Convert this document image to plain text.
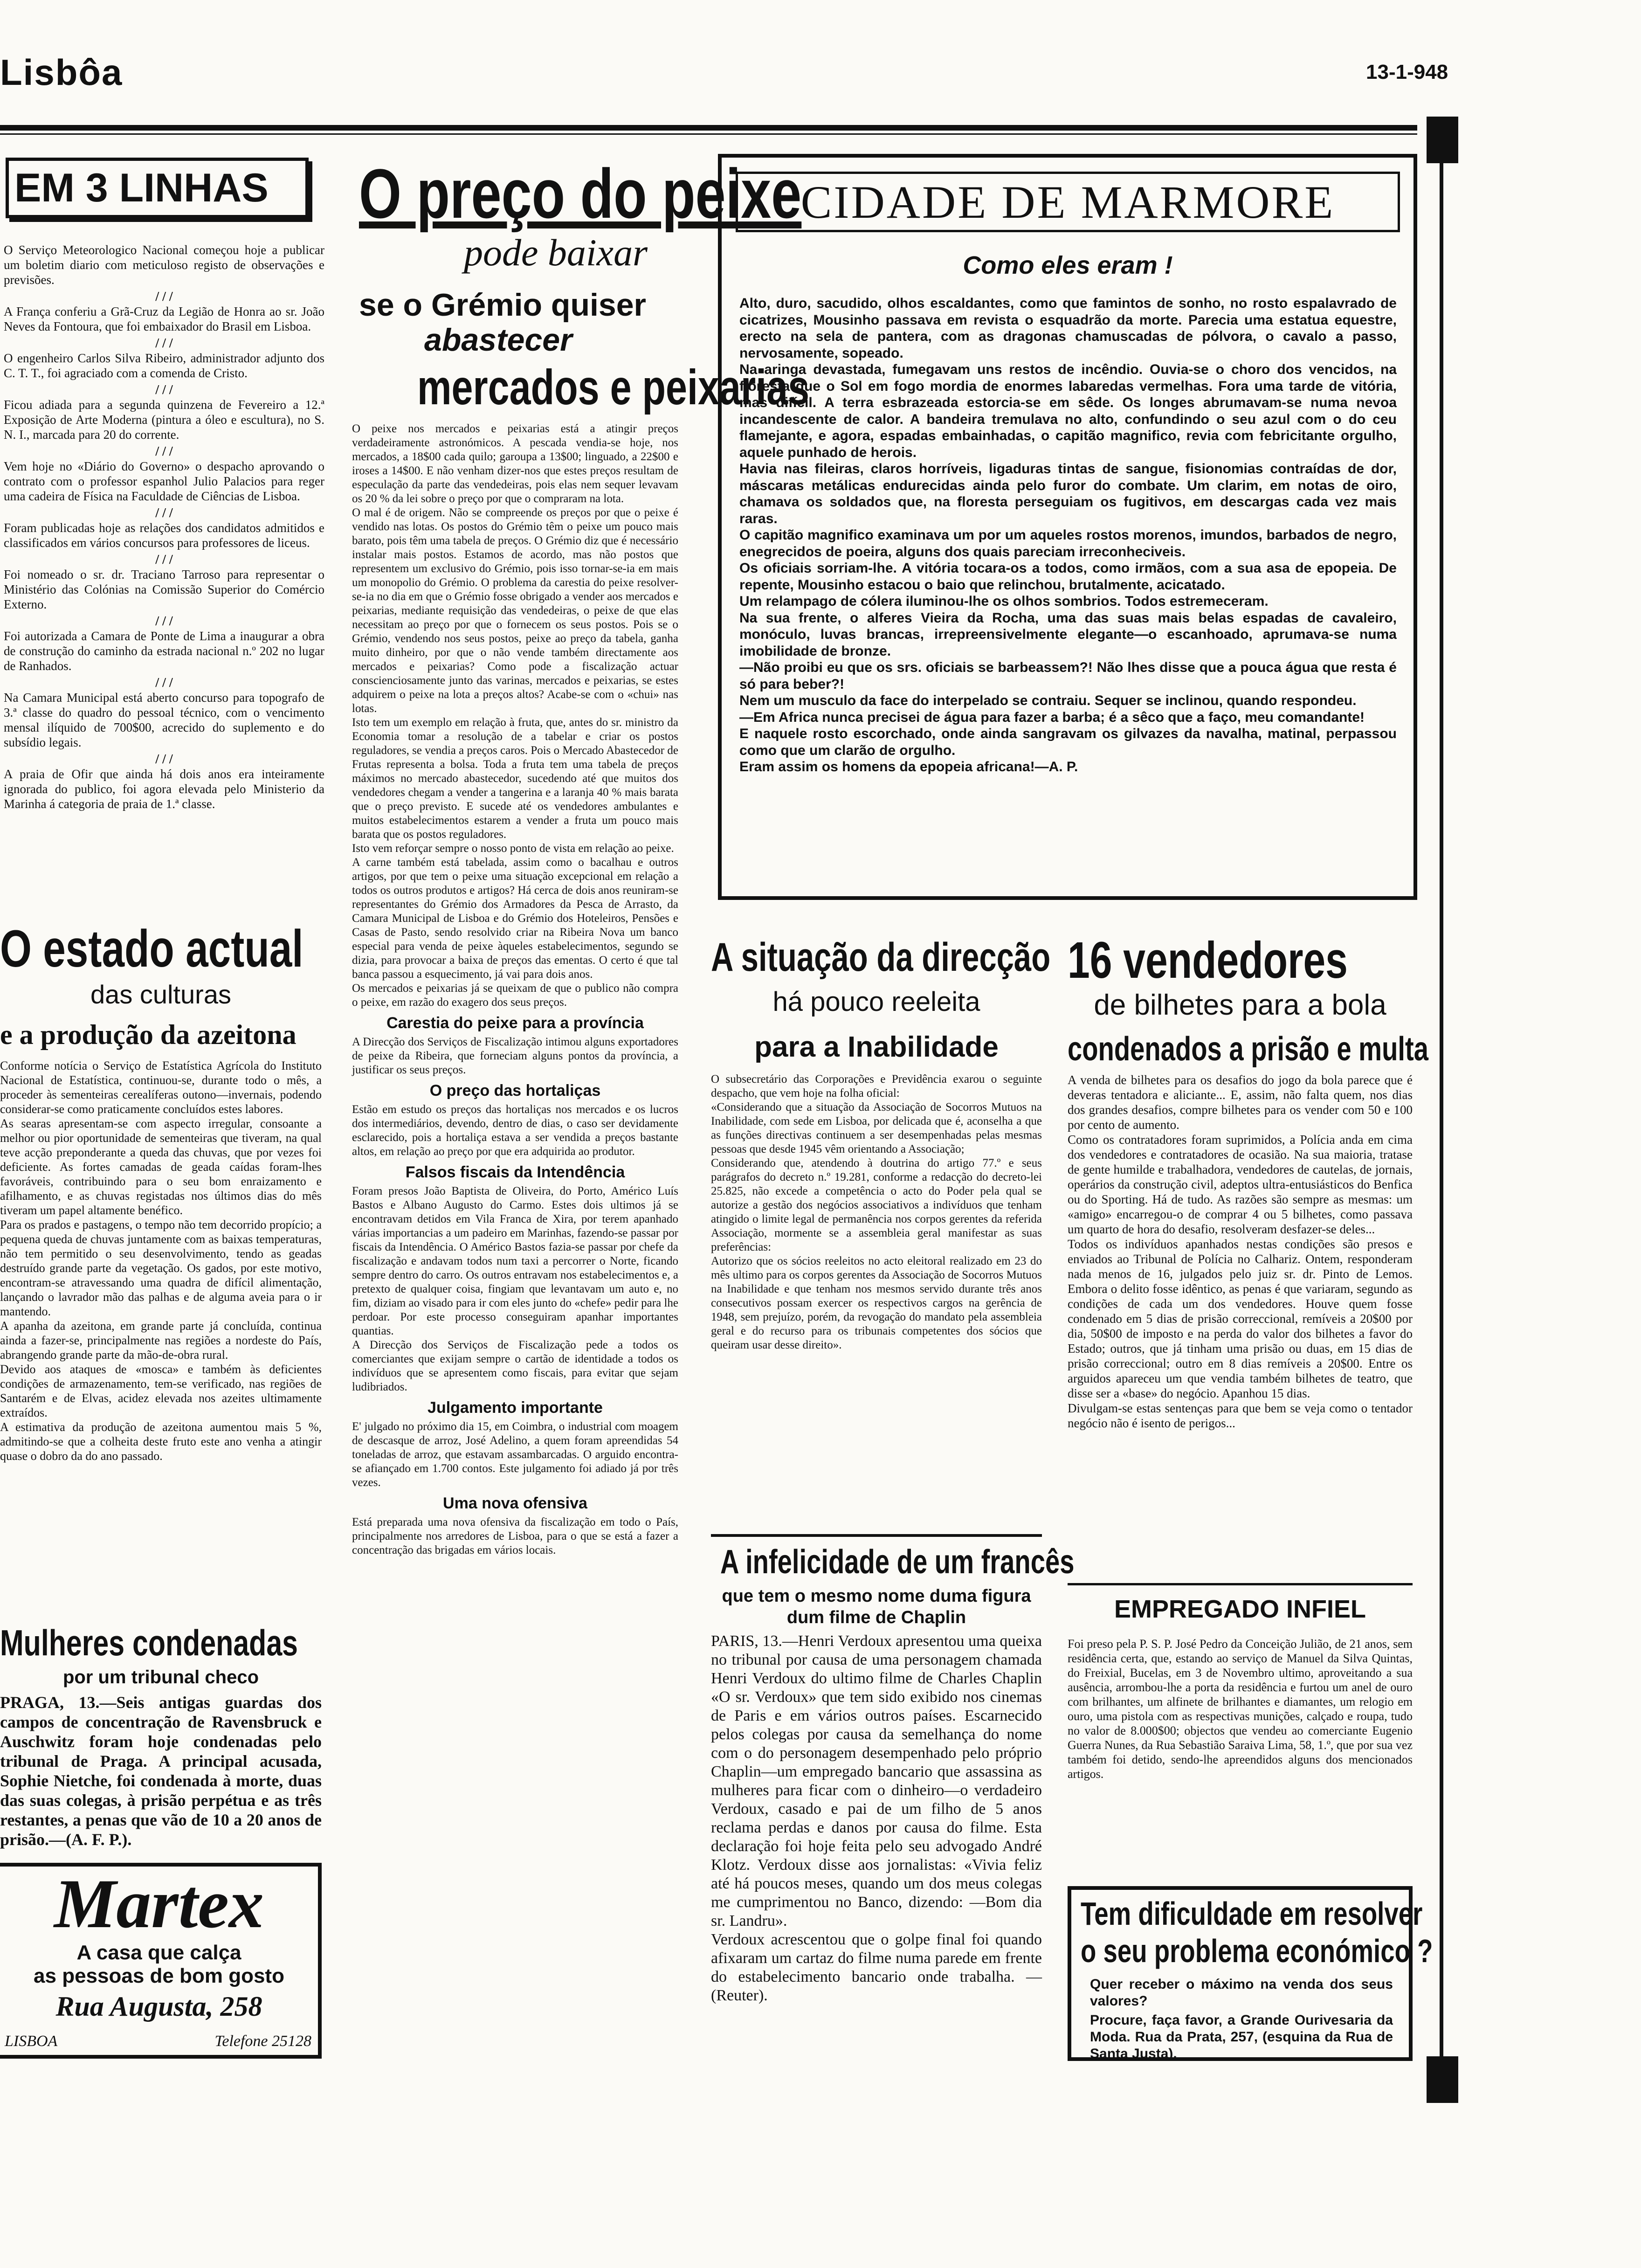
Lisbôa	13-1-948
EM 3 LINHAS

O Serviço Meteorologico Nacional começou hoje a publicar um boletim diario com meticuloso registo de observações e previsões.

/ / /

A França conferiu a Grã-Cruz da Legião de Honra ao sr. João Neves da Fontoura, que foi embaixador do Brasil em Lisboa.

/ / /

O engenheiro Carlos Silva Ribeiro, administrador adjunto dos C. T. T., foi agraciado com a comenda de Cristo.

/ / /

Ficou adiada para a segunda quinzena de Fevereiro a 12.ª Exposição de Arte Moderna (pintura a óleo e escultura), no S. N. I., marcada para 20 do corrente.

/ / /

Vem hoje no «Diário do Governo» o despacho aprovando o contrato com o professor espanhol Julio Palacios para reger uma cadeira de Física na Faculdade de Ciências de Lisboa.

/ / /

Foram publicadas hoje as relações dos candidatos admitidos e classificados em vários concursos para professores de liceus.

/ / /

Foi nomeado o sr. dr. Traciano Tarroso para representar o Ministério das Colónias na Comissão Superior do Comércio Externo.

/ / /

Foi autorizada a Camara de Ponte de Lima a inaugurar a obra de construção do caminho da estrada nacional n.º 202 no lugar de Ranhados.

/ / /

Na Camara Municipal está aberto concurso para topografo de 3.ª classe do quadro do pessoal técnico, com o vencimento mensal ilíquido de 700$00, acrecido do suplemento e do subsídio legais.

/ / /

A praia de Ofir que ainda há dois anos era inteiramente ignorada do publico, foi agora elevada pelo Ministerio da Marinha á categoria de praia de 1.ª classe.

O estado actual
das culturas
e a produção da azeitona
Conforme notícia o Serviço de Estatística Agrícola do Instituto Nacional de Estatística, continuou-se, durante todo o mês, a proceder às sementeiras cerealíferas outono—invernais, podendo considerar-se como praticamente concluídos estes labores.
As searas apresentam-se com aspecto irregular, consoante a melhor ou pior oportunidade de sementeiras que tiveram, na qual teve acção preponderante a queda das chuvas, que por vezes foi deficiente. As fortes camadas de geada caídas foram-lhes favoráveis, contribuindo para o seu bom enraizamento e afilhamento, e as chuvas registadas nos últimos dias do mês tiveram um papel altamente benéfico.
Para os prados e pastagens, o tempo não tem decorrido propício; a pequena queda de chuvas juntamente com as baixas temperaturas, não tem permitido o seu desenvolvimento, tendo as geadas destruído grande parte da vegetação. Os gados, por este motivo, encontram-se atravessando uma quadra de difícil alimentação, lançando o lavrador mão das palhas e de alguma aveia para o ir mantendo.
A apanha da azeitona, em grande parte já concluída, continua ainda a fazer-se, principalmente nas regiões a nordeste do País, abrangendo grande parte da mão-de-obra rural.
Devido aos ataques de «mosca» e também às deficientes condições de armazenamento, tem-se verificado, nas regiões de Santarém e de Elvas, acidez elevada nos azeites ultimamente extraídos.
A estimativa da produção de azeitona aumentou mais 5 %, admitindo-se que a colheita deste fruto este ano venha a atingir quase o dobro da do ano passado.
Mulheres condenadas
por um tribunal checo
PRAGA, 13.—Seis antigas guardas dos campos de concentração de Ravensbruck e Auschwitz foram hoje condenadas pelo tribunal de Praga. A principal acusada, Sophie Nietche, foi condenada à morte, duas das suas colegas, à prisão perpétua e as três restantes, a penas que vão de 10 a 20 anos de prisão.—(A. F. P.).
Martex
A casa que calça
as pessoas de bom gosto
Rua Augusta, 258
LISBOA	Telefone 25128
O preço do peixe
pode baixar
se o Grémio quiser
abastecer
mercados e peixarias
O peixe nos mercados e peixarias está a atingir preços verdadeiramente astronómicos. A pescada vendia-se hoje, nos mercados, a 18$00 cada quilo; garoupa a 13$00; linguado, a 22$00 e iroses a 14$00. E não venham dizer-nos que estes preços resultam de especulação da parte das vendedeiras, pois elas nem sequer levavam os 20 % da lei sobre o preço por que o compraram na lota.
O mal é de origem. Não se compreende os preços por que o peixe é vendido nas lotas. Os postos do Grémio têm o peixe um pouco mais barato, pois têm uma tabela de preços. O Grémio diz que é necessário instalar mais postos. Estamos de acordo, mas não postos que representem um exclusivo do Grémio, pois isso tornar-se-ia em mais um monopolio do Grémio. O problema da carestia do peixe resolver-se-ia no dia em que o Grémio fosse obrigado a vender aos mercados e peixarias, mediante requisição das vendedeiras, o peixe de que elas necessitam ao preço por que o fornecem os seus postos. Pois se o Grémio, vendendo nos seus postos, peixe ao preço da tabela, ganha muito dinheiro, por que o não vende também directamente aos mercados e peixarias? Como pode a fiscalização actuar conscienciosamente junto das varinas, mercados e peixarias, se estes adquirem o peixe na lota a preços altos? Acabe-se com o «chui» nas lotas.
Isto tem um exemplo em relação à fruta, que, antes do sr. ministro da Economia tomar a resolução de a tabelar e criar os postos reguladores, se vendia a preços caros. Pois o Mercado Abastecedor de Frutas representa a bolsa. Toda a fruta tem uma tabela de preços máximos no mercado abastecedor, sucedendo até que muitos dos vendedores chegam a vender a tangerina e a laranja 40 % mais barata que o preço previsto. E sucede até os vendedores ambulantes e muitos estabelecimentos estarem a vender a fruta um pouco mais barata que os postos reguladores.
Isto vem reforçar sempre o nosso ponto de vista em relação ao peixe.
A carne também está tabelada, assim como o bacalhau e outros artigos, por que tem o peixe uma situação excepcional em relação a todos os outros produtos e artigos? Há cerca de dois anos reuniram-se representantes do Grémio dos Armadores da Pesca de Arrasto, da Camara Municipal de Lisboa e do Grémio dos Hoteleiros, Pensões e Casas de Pasto, sendo resolvido criar na Ribeira Nova um banco especial para venda de peixe àqueles estabelecimentos, segundo se dizia, para provocar a baixa de preços das ementas. O certo é que tal banca passou a esquecimento, já vai para dois anos.
Os mercados e peixarias já se queixam de que o publico não compra o peixe, em razão do exagero dos seus preços.
Carestia do peixe para a província
A Direcção dos Serviços de Fiscalização intimou alguns exportadores de peixe da Ribeira, que forneciam alguns pontos da província, a justificar os seus preços.
O preço das hortaliças
Estão em estudo os preços das hortaliças nos mercados e os lucros dos intermediários, devendo, dentro de dias, o caso ser devidamente esclarecido, pois a hortaliça estava a ser vendida a preços bastante altos, em relação ao preço por que era adquirida ao produtor.
Falsos fiscais da Intendência
Foram presos João Baptista de Oliveira, do Porto, Américo Luís Bastos e Albano Augusto do Carmo. Estes dois ultimos já se encontravam detidos em Vila Franca de Xira, por terem apanhado várias importancias a um padeiro em Marinhas, fazendo-se passar por fiscais da Intendência. O Américo Bastos fazia-se passar por chefe da fiscalização e andavam todos num taxi a percorrer o Norte, ficando sempre dentro do carro. Os outros entravam nos estabelecimentos e, a pretexto de qualquer coisa, fingiam que levantavam um auto e, no fim, diziam ao visado para ir com eles junto do «chefe» pedir para lhe perdoar. Por este processo conseguiram apanhar importantes quantias.
A Direcção dos Serviços de Fiscalização pede a todos os comerciantes que exijam sempre o cartão de identidade a todos os indivíduos que se apresentem como fiscais, para evitar que sejam ludibriados.
Julgamento importante
E' julgado no próximo dia 15, em Coimbra, o industrial com moagem de descasque de arroz, José Adelino, a quem foram apreendidas 54 toneladas de arroz, que estavam assambarcadas. O arguido encontra-se afiançado em 1.700 contos. Este julgamento foi adiado já por três vezes.
Uma nova ofensiva
Está preparada uma nova ofensiva da fiscalização em todo o País, principalmente nos arredores de Lisboa, para o que se está a fazer a concentração das brigadas em vários locais.
CIDADE DE MARMORE
Como eles eram !
Alto, duro, sacudido, olhos escaldantes, como que famintos de sonho, no rosto espalavrado de cicatrizes, Mousinho passava em revista o esquadrão da morte. Parecia uma estatua equestre, erecto na sela de pantera, com as dragonas chamuscadas de pólvora, o cavalo a passo, nervosamente, sopeado.
Na aringa devastada, fumegavam uns restos de incêndio. Ouvia-se o choro dos vencidos, na floresta que o Sol em fogo mordia de enormes labaredas vermelhas. Fora uma tarde de vitória, mas difícil. A terra esbrazeada estorcia-se em sêde. Os longes abrumavam-se numa nevoa incandescente de calor. A bandeira tremulava no alto, confundindo o seu azul com o do ceu flamejante, e agora, espadas embainhadas, o capitão magnifico, revia com febricitante orgulho, aquele punhado de herois.
Havia nas fileiras, claros horríveis, ligaduras tintas de sangue, fisionomias contraídas de dor, máscaras metálicas endurecidas ainda pelo furor do combate. Um clarim, em notas de oiro, chamava os soldados que, na floresta perseguiam os fugitivos, em descargas cada vez mais raras.
O capitão magnifico examinava um por um aqueles rostos morenos, imundos, barbados de negro, enegrecidos de poeira, alguns dos quais pareciam irreconheciveis.
Os oficiais sorriam-lhe. A vitória tocara-os a todos, como irmãos, com a sua asa de epopeia. De repente, Mousinho estacou o baio que relinchou, brutalmente, acicatado.
Um relampago de cólera iluminou-lhe os olhos sombrios. Todos estremeceram.
Na sua frente, o alferes Vieira da Rocha, uma das suas mais belas espadas de cavaleiro, monóculo, luvas brancas, irrepreensivelmente elegante—o escanhoado, aprumava-se numa imobilidade de bronze.
—Não proibi eu que os srs. oficiais se barbeassem?! Não lhes disse que a pouca água que resta é só para beber?!
Nem um musculo da face do interpelado se contraiu. Sequer se inclinou, quando respondeu.
—Em Africa nunca precisei de água para fazer a barba; é a sêco que a faço, meu comandante!
E naquele rosto escorchado, onde ainda sangravam os gilvazes da navalha, matinal, perpassou como que um clarão de orgulho.
Eram assim os homens da epopeia africana!—A. P.
A situação da direcção
há pouco reeleita
para a Inabilidade
O subsecretário das Corporações e Previdência exarou o seguinte despacho, que vem hoje na folha oficial:
«Considerando que a situação da Associação de Socorros Mutuos na Inabilidade, com sede em Lisboa, por delicada que é, aconselha a que as funções directivas continuem a ser desempenhadas pelas mesmas pessoas que desde 1945 vêm orientando a Associação;
Considerando que, atendendo à doutrina do artigo 77.º e seus parágrafos do decreto n.º 19.281, conforme a redacção do decreto-lei 25.825, não excede a competência o acto do Poder pela qual se autorize a gestão dos negócios associativos a indivíduos que tenham atingido o limite legal de permanência nos corpos gerentes da referida Associação, mormente se a assembleia geral manifestar as suas preferências:
Autorizo que os sócios reeleitos no acto eleitoral realizado em 23 do mês ultimo para os corpos gerentes da Associação de Socorros Mutuos na Inabilidade e que tenham nos mesmos servido durante três anos consecutivos possam exercer os respectivos cargos na gerência de 1948, sem prejuízo, porém, da revogação do mandato pela assembleia geral e do recurso para os tribunais competentes dos sócios que queiram usar desse direito».
A infelicidade de um francês
que tem o mesmo nome duma figura dum filme de Chaplin
PARIS, 13.—Henri Verdoux apresentou uma queixa no tribunal por causa de uma personagem chamada Henri Verdoux do ultimo filme de Charles Chaplin «O sr. Verdoux» que tem sido exibido nos cinemas de Paris e em vários outros países. Escarnecido pelos colegas por causa da semelhança do nome com o do personagem desempenhado pelo próprio Chaplin—um empregado bancario que assassina as mulheres para ficar com o dinheiro—o verdadeiro Verdoux, casado e pai de um filho de 5 anos reclama perdas e danos por causa do filme. Esta declaração foi hoje feita pelo seu advogado André Klotz. Verdoux disse aos jornalistas: «Vivia feliz até há poucos meses, quando um dos meus colegas me cumprimentou no Banco, dizendo: —Bom dia sr. Landru».
Verdoux acrescentou que o golpe final foi quando afixaram um cartaz do filme numa parede em frente do estabelecimento bancario onde trabalha. —(Reuter).
16 vendedores
de bilhetes para a bola
condenados a prisão e multa
A venda de bilhetes para os desafios do jogo da bola parece que é deveras tentadora e aliciante... E, assim, não falta quem, nos dias dos grandes desafios, compre bilhetes para os vender com 50 e 100 por cento de aumento.
Como os contratadores foram suprimidos, a Polícia anda em cima dos vendedores e contratadores de ocasião. Na sua maioria, tratase de gente humilde e trabalhadora, vendedores de cautelas, de jornais, operários da construção civil, adeptos ultra-entusiásticos do Benfica ou do Sporting. Há de tudo. As razões são sempre as mesmas: um «amigo» encarregou-o de comprar 4 ou 5 bilhetes, como passava um quarto de hora do desafio, resolveram desfazer-se deles...
Todos os indivíduos apanhados nestas condições são presos e enviados ao Tribunal de Polícia no Calhariz. Ontem, responderam nada menos de 16, julgados pelo juiz sr. dr. Pinto de Lemos. Embora o delito fosse idêntico, as penas é que variaram, segundo as condições de cada um dos vendedores. Houve quem fosse condenado em 5 dias de prisão correccional, remíveis a 20$00 por dia, 50$00 de imposto e na perda do valor dos bilhetes a favor do Estado; outros, que já tinham uma prisão ou duas, em 15 dias de prisão correccional; outro em 8 dias remíveis a 20$00. Entre os arguidos apareceu um que vendia também bilhetes de teatro, que disse ser a «base» do negócio. Apanhou 15 dias.
Divulgam-se estas sentenças para que bem se veja como o tentador negócio não é isento de perigos...
EMPREGADO INFIEL
Foi preso pela P. S. P. José Pedro da Conceição Julião, de 21 anos, sem residência certa, que, estando ao serviço de Manuel da Silva Quintas, do Freixial, Bucelas, em 3 de Novembro ultimo, aproveitando a sua ausência, arrombou-lhe a porta da residência e furtou um anel de ouro com brilhantes, um alfinete de brilhantes e diamantes, um relogio em ouro, uma pistola com as respectivas munições, calçado e roupa, tudo no valor de 8.000$00; objectos que vendeu ao comerciante Eugenio Guerra Nunes, da Rua Sebastião Saraiva Lima, 58, 1.º, que por sua vez também foi detido, sendo-lhe apreendidos alguns dos mencionados artigos.
Tem dificuldade em resolver
o seu problema económico ?
Quer receber o máximo na venda dos seus valores?
Procure, faça favor, a Grande Ourivesaria da Moda. Rua da Prata, 257, (esquina da Rua de Santa Justa).
